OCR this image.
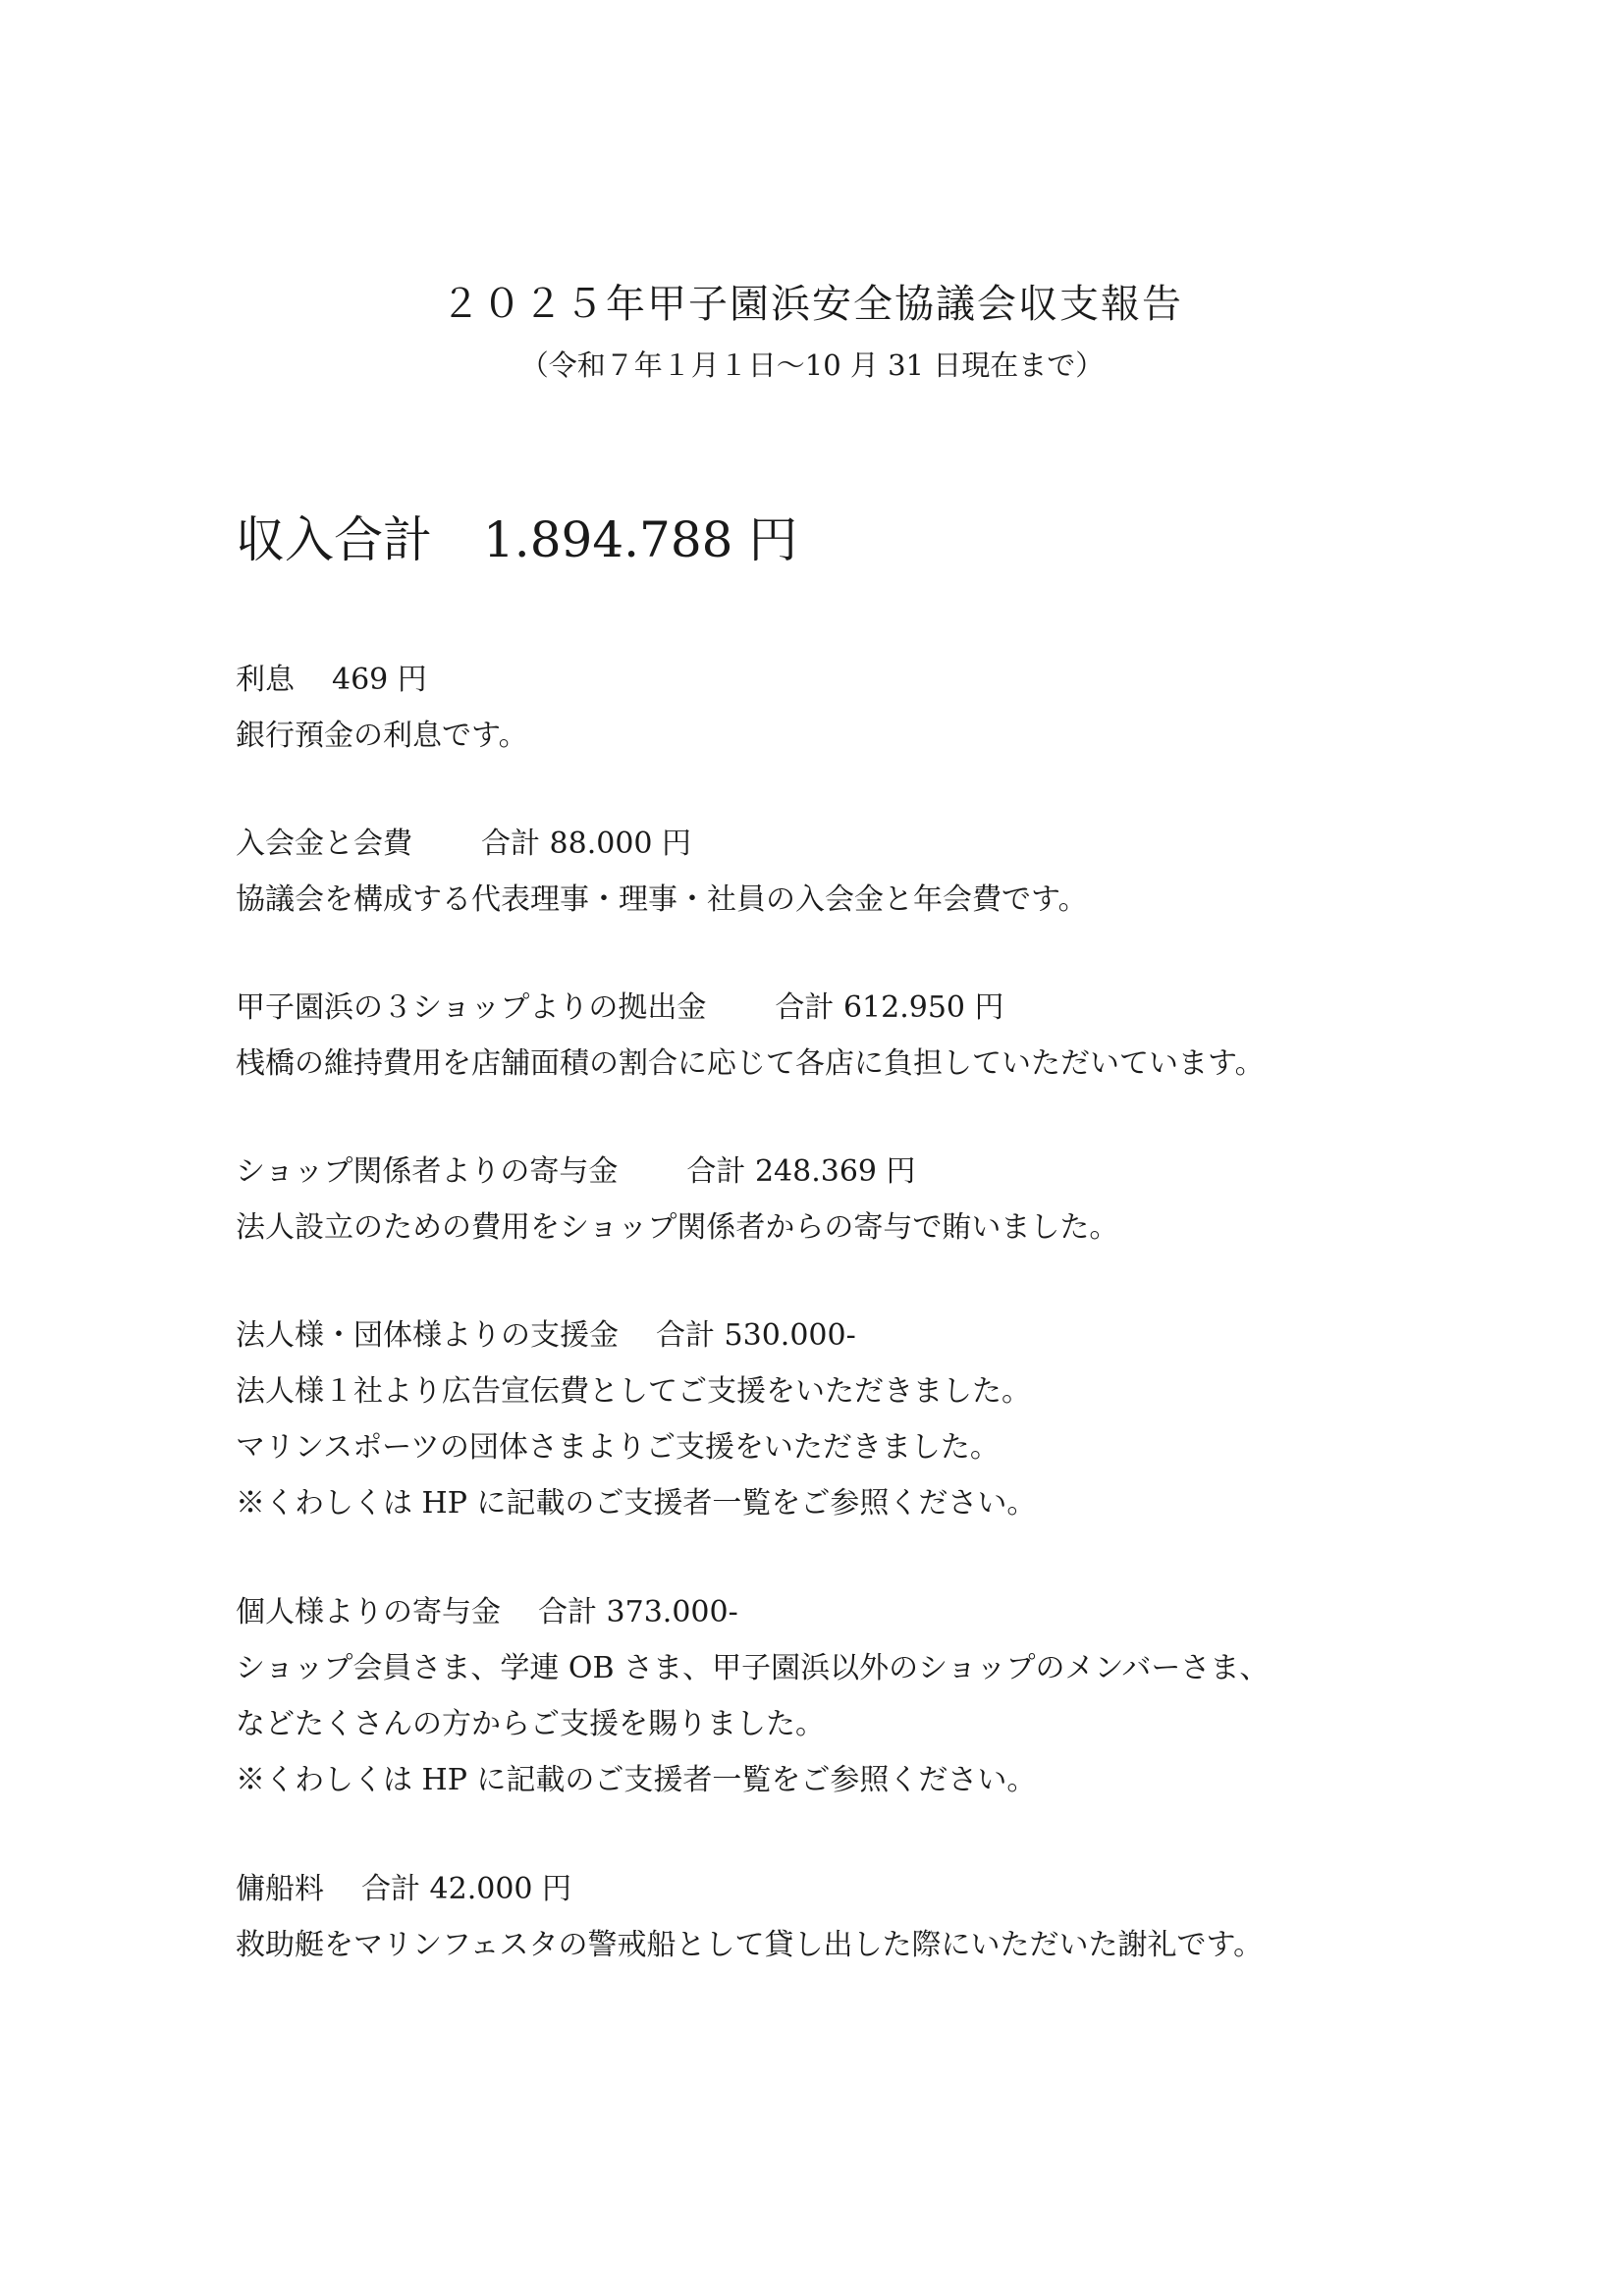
２０２５年甲子園浜安全協議会収支報告
（令和７年１月１日～10 月 31 日現在まで）
収入合計 1.894.788 円
利息 469 円
銀行預金の利息です。
入会金と会費 合計 88.000 円
協議会を構成する代表理事・理事・社員の入会金と年会費です。
甲子園浜の３ショップよりの拠出金 合計 612.950 円
桟橋の維持費用を店舗面積の割合に応じて各店に負担していただいています。
ショップ関係者よりの寄与金 合計 248.369 円
法人設立のための費用をショップ関係者からの寄与で賄いました。
法人様・団体様よりの支援金 合計 530.000-
法人様１社より広告宣伝費としてご支援をいただきました。
マリンスポーツの団体さまよりご支援をいただきました。
※くわしくは HP に記載のご支援者一覧をご参照ください。
個人様よりの寄与金 合計 373.000-
ショップ会員さま、学連 OB さま、甲子園浜以外のショップのメンバーさま、
などたくさんの方からご支援を賜りました。
※くわしくは HP に記載のご支援者一覧をご参照ください。
傭船料 合計 42.000 円
救助艇をマリンフェスタの警戒船として貸し出した際にいただいた謝礼です。
